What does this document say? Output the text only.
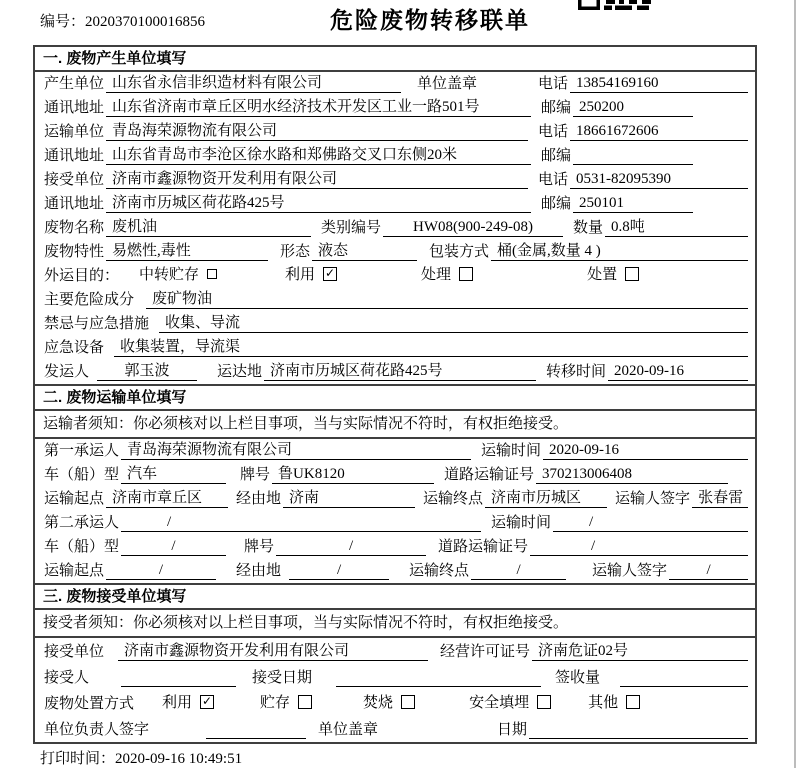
编号：2020370100016856	危险废物转移联单
一. 废物产生单位填写
产生单位 山东省永信非织造材料有限公司	单位盖章	电话 13854169160
通讯地址 山东省济南市章丘区明水经济技术开发区工业一路501号	邮编 250200
运输单位 青岛海荣源物流有限公司	电话 18661672606
通讯地址 山东省青岛市李沧区徐水路和郑佛路交叉口东侧20米	邮编
接受单位 济南市鑫源物资开发利用有限公司	电话 0531-82095390
通讯地址 济南市历城区荷花路425号	邮编 250101
废物名称 废机油	类别编号	HW08(900-249-08)	数量 0.8吨
废物特性 易燃性,毒性	形态 液态	包装方式 桶(金属,数量 4 )
外运目的： 中转贮存	利用 ✓	处理	处置
主要危险成分	废矿物油
禁忌与应急措施	收集、导流
应急设备	收集装置，导流渠
发运人	郭玉波	运达地 济南市历城区荷花路425号	转移时间 2020-09-16
二. 废物运输单位填写
运输者须知：你必须核对以上栏目事项，当与实际情况不符时，有权拒绝接受。
第一承运人 青岛海荣源物流有限公司	运输时间 2020-09-16
车（船）型 汽车	牌号 鲁UK8120	道路运输证号 370213006408
运输起点 济南市章丘区	经由地 济南	运输终点 济南市历城区	运输人签字 张春雷
第二承运人	/	运输时间	/
车（船）型	/	牌号	/	道路运输证号	/
运输起点	/	经由地	/	运输终点	/	运输人签字	/
三. 废物接受单位填写
接受者须知：你必须核对以上栏目事项，当与实际情况不符时，有权拒绝接受。
接受单位	济南市鑫源物资开发利用有限公司	经营许可证号 济南危证02号
接受人	接受日期	签收量
废物处置方式 利用 ✓	贮存	焚烧	安全填埋	其他
单位负责人签字	单位盖章	日期
打印时间：2020-09-16 10:49:51
